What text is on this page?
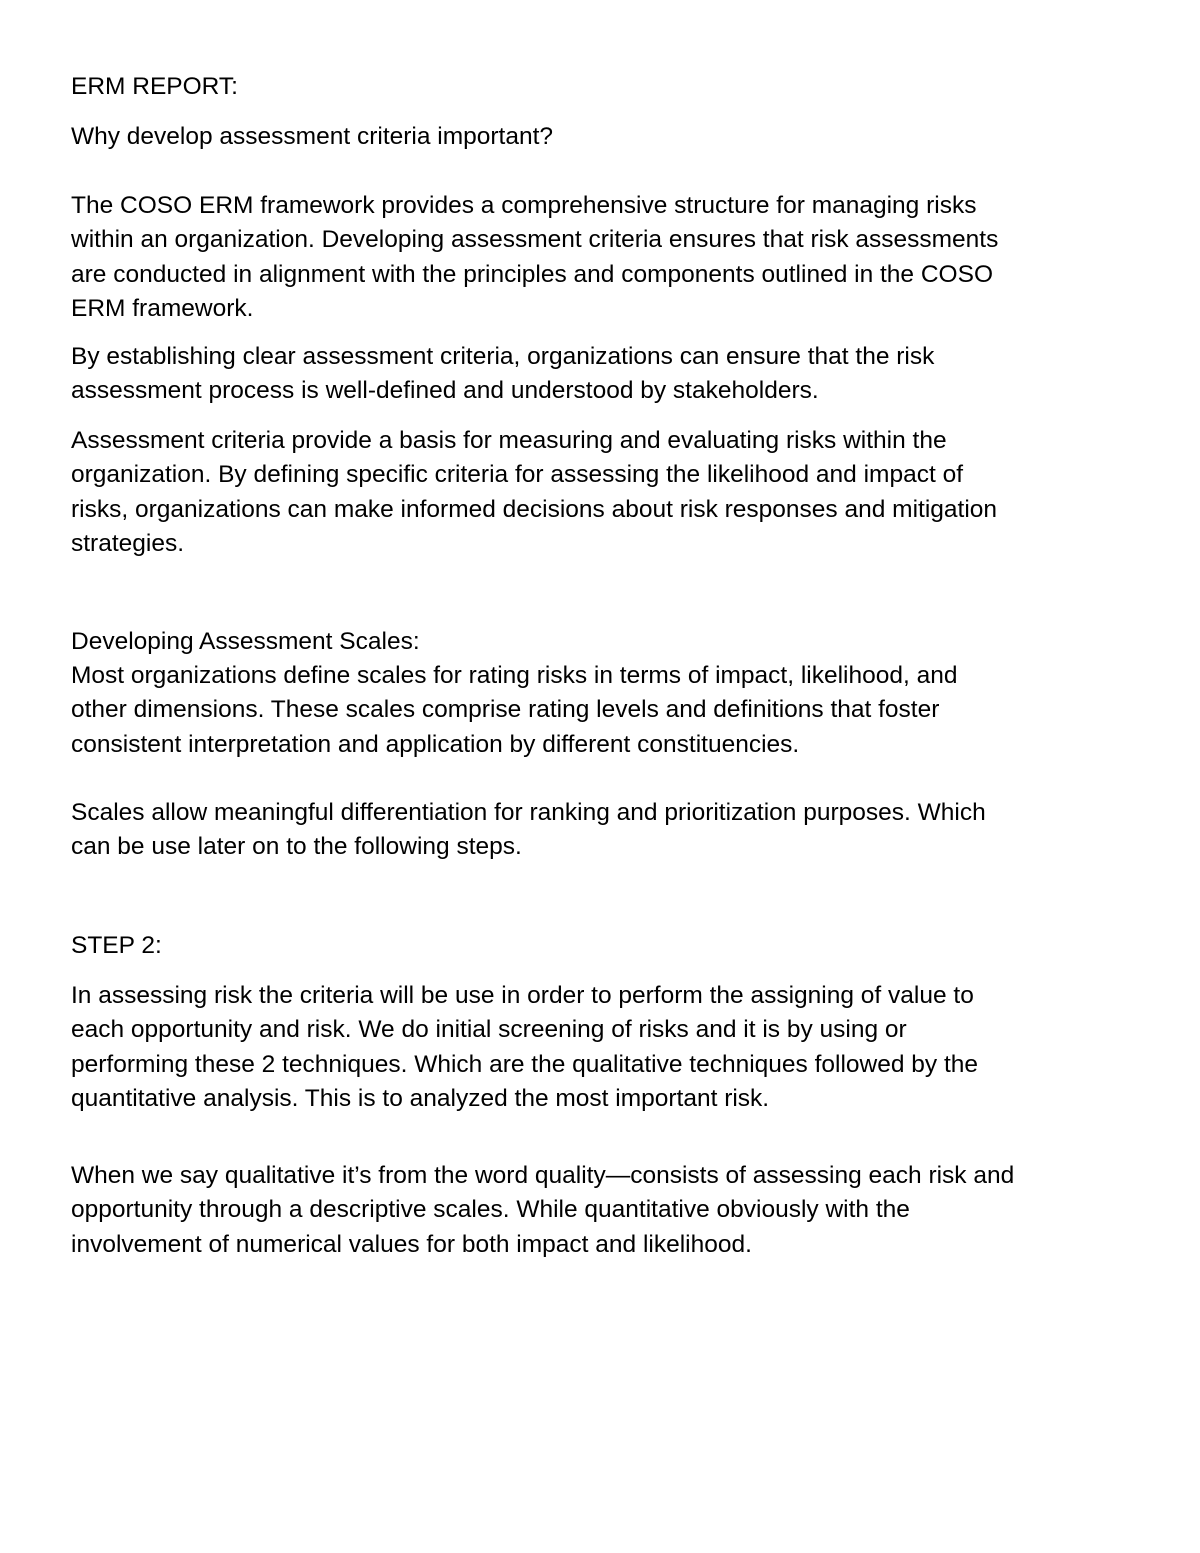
ERM REPORT:

Why develop assessment criteria important?

The COSO ERM framework provides a comprehensive structure for managing risks
within an organization. Developing assessment criteria ensures that risk assessments
are conducted in alignment with the principles and components outlined in the COSO
ERM framework.

By establishing clear assessment criteria, organizations can ensure that the risk
assessment process is well-defined and understood by stakeholders.

Assessment criteria provide a basis for measuring and evaluating risks within the
organization. By defining specific criteria for assessing the likelihood and impact of
risks, organizations can make informed decisions about risk responses and mitigation
strategies.

Developing Assessment Scales:

Most organizations define scales for rating risks in terms of impact, likelihood, and
other dimensions. These scales comprise rating levels and definitions that foster
consistent interpretation and application by different constituencies.

Scales allow meaningful differentiation for ranking and prioritization purposes. Which
can be use later on to the following steps.

STEP 2:

In assessing risk the criteria will be use in order to perform the assigning of value to
each opportunity and risk. We do initial screening of risks and it is by using or
performing these 2 techniques. Which are the qualitative techniques followed by the
quantitative analysis. This is to analyzed the most important risk.

When we say qualitative it’s from the word quality—consists of assessing each risk and
opportunity through a descriptive scales. While quantitative obviously with the
involvement of numerical values for both impact and likelihood.
